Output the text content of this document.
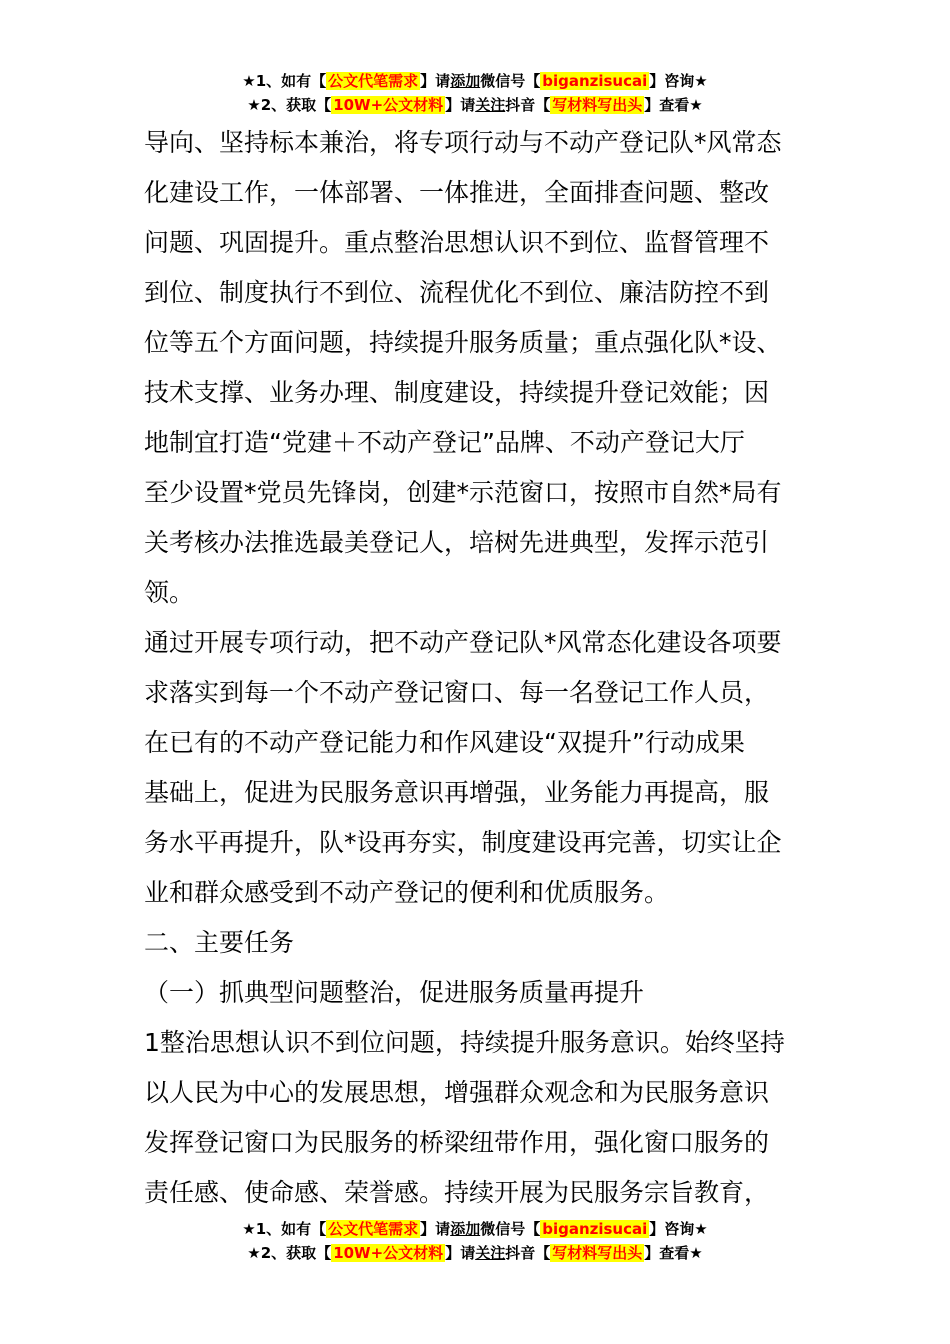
★1、如有【 公文代笔需求 】请添加微信号【 biganzisucai 】咨询★
★2、获取【 10W+公文材料 】请关注抖音【 写材料写出头 】查看★

导向、坚持标本兼治，将专项行动与不动产登记队*风常态

化建设工作，一体部署、一体推进，全面排查问题、整改

问题、巩固提升。重点整治思想认识不到位、监督管理不

到位、制度执行不到位、流程优化不到位、廉洁防控不到

位等五个方面问题，持续提升服务质量；重点强化队*设、

技术支撑、业务办理、制度建设，持续提升登记效能；因

地制宜打造“党建＋不动产登记”品牌、不动产登记大厅

至少设置*党员先锋岗，创建*示范窗口，按照市自然*局有

关考核办法推选最美登记人，培树先进典型，发挥示范引

领。

通过开展专项行动，把不动产登记队*风常态化建设各项要

求落实到每一个不动产登记窗口、每一名登记工作人员，

在已有的不动产登记能力和作风建设“双提升”行动成果

基础上，促进为民服务意识再增强，业务能力再提高，服

务水平再提升，队*设再夯实，制度建设再完善，切实让企

业和群众感受到不动产登记的便利和优质服务。

二、主要任务

（一）抓典型问题整治，促进服务质量再提升

1整治思想认识不到位问题，持续提升服务意识。始终坚持

以人民为中心的发展思想，增强群众观念和为民服务意识

发挥登记窗口为民服务的桥梁纽带作用，强化窗口服务的

责任感、使命感、荣誉感。持续开展为民服务宗旨教育，

★1、如有【 公文代笔需求 】请添加微信号【 biganzisucai 】咨询★
★2、获取【 10W+公文材料 】请关注抖音【 写材料写出头 】查看★
